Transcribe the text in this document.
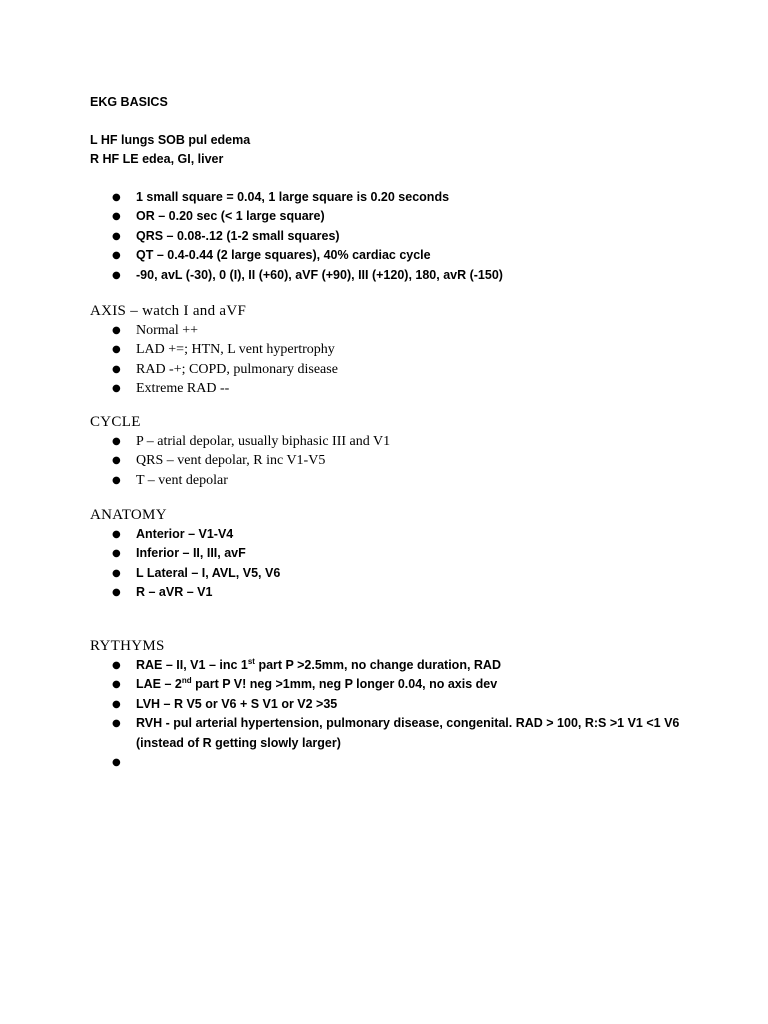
EKG BASICS
L HF lungs SOB pul edema
R HF LE edea, GI, liver
● 1 small square = 0.04, 1 large square is 0.20 seconds
● OR – 0.20 sec (< 1 large square)
● QRS – 0.08-.12 (1-2 small squares)
● QT – 0.4-0.44 (2 large squares), 40% cardiac cycle
● -90, avL (-30), 0 (I), II (+60), aVF (+90), III (+120), 180, avR (-150)
AXIS – watch I and aVF
● Normal ++
● LAD +=; HTN, L vent hypertrophy
● RAD -+; COPD, pulmonary disease
● Extreme RAD --
CYCLE
● P – atrial depolar, usually biphasic III and V1
● QRS – vent depolar, R inc V1-V5
● T – vent depolar
ANATOMY
● Anterior – V1-V4
● Inferior – II, III, avF
● L Lateral – I, AVL, V5, V6
● R – aVR – V1
RYTHYMS
● RAE – II, V1 – inc 1st part P >2.5mm, no change duration, RAD
● LAE – 2nd part P V! neg >1mm, neg P longer 0.04, no axis dev
● LVH – R V5 or V6 + S V1 or V2 >35
● RVH - pul arterial hypertension, pulmonary disease, congenital. RAD > 100, R:S >1 V1 <1 V6 (instead of R getting slowly larger)
●
